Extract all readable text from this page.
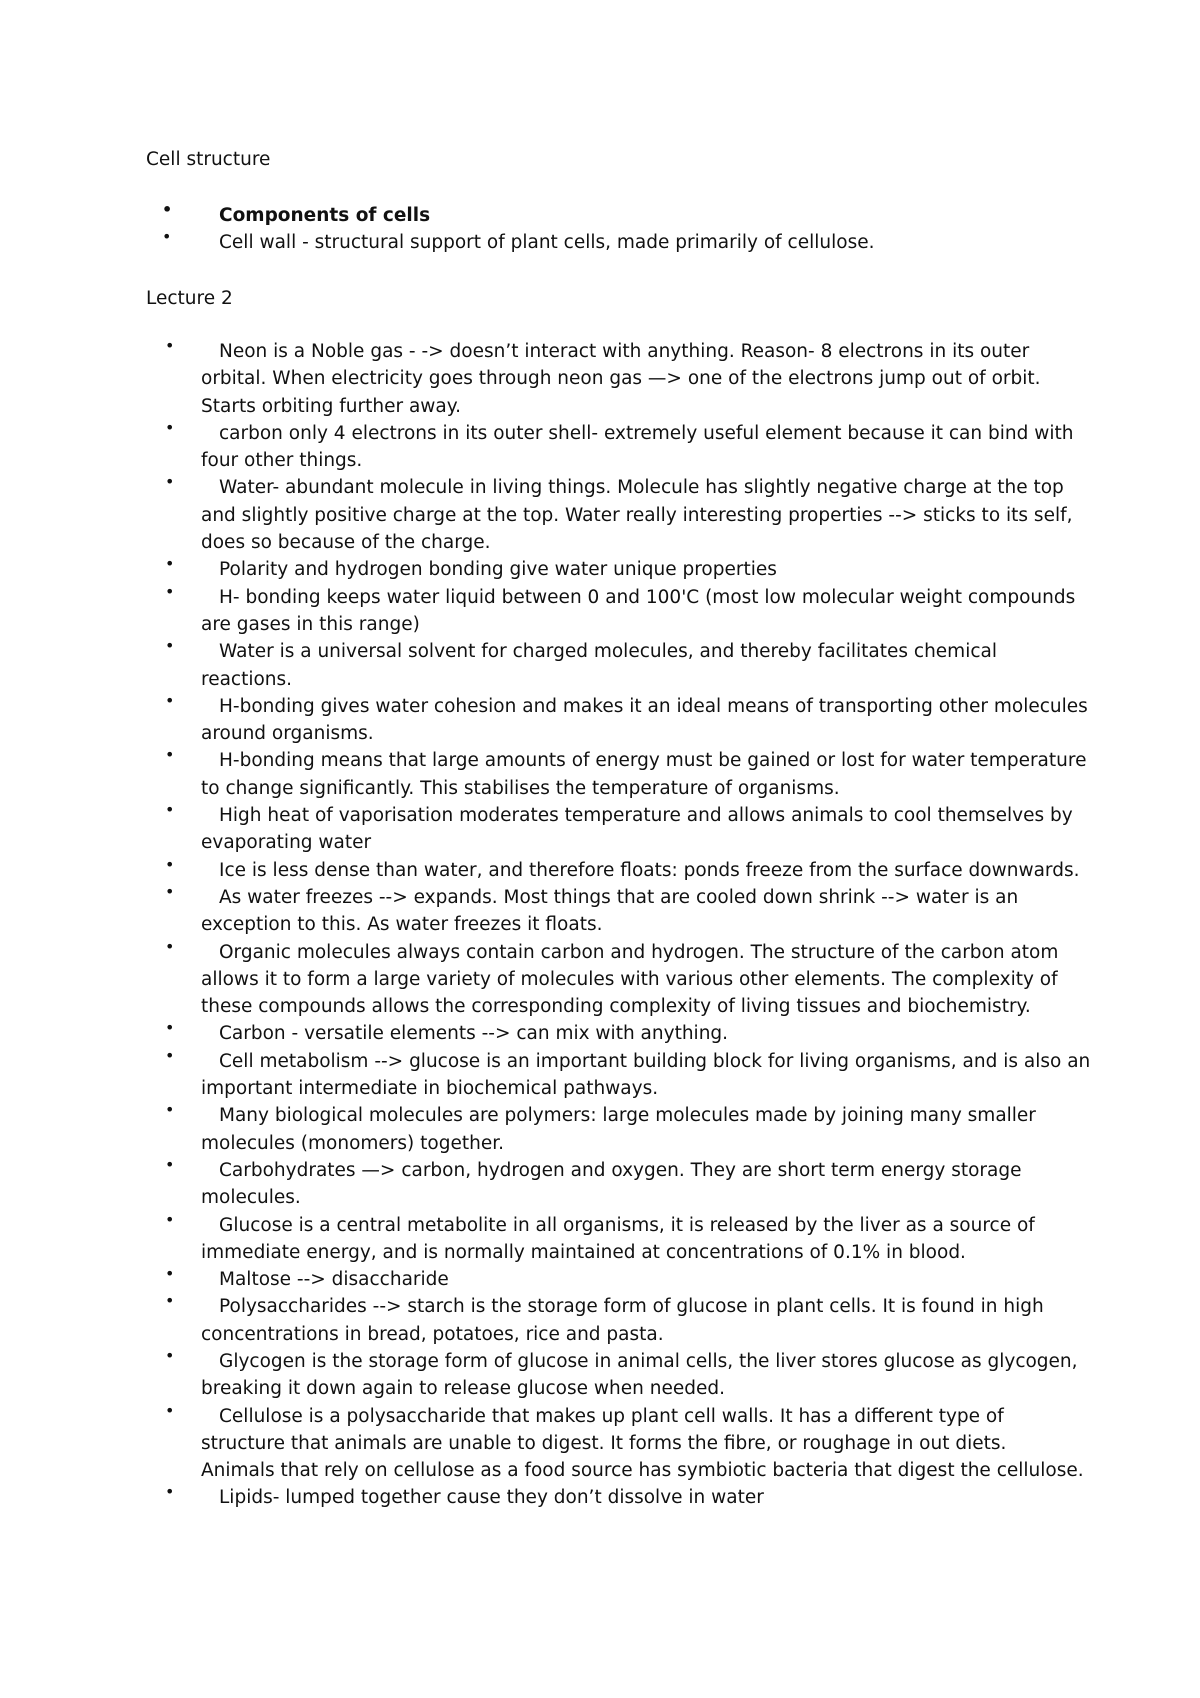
Cell structure
•	Components of cells
•	Cell wall - structural support of plant cells, made primarily of cellulose.
Lecture 2
•	Neon is a Noble gas - -> doesn’t interact with anything. Reason- 8 electrons in its outer
orbital. When electricity goes through neon gas —> one of the electrons jump out of orbit.
Starts orbiting further away.
•	carbon only 4 electrons in its outer shell- extremely useful element because it can bind with
four other things.
•	Water- abundant molecule in living things. Molecule has slightly negative charge at the top
and slightly positive charge at the top. Water really interesting properties --> sticks to its self,
does so because of the charge.
•	Polarity and hydrogen bonding give water unique properties
•	H- bonding keeps water liquid between 0 and 100'C (most low molecular weight compounds
are gases in this range)
•	Water is a universal solvent for charged molecules, and thereby facilitates chemical
reactions.
•	H-bonding gives water cohesion and makes it an ideal means of transporting other molecules
around organisms.
•	H-bonding means that large amounts of energy must be gained or lost for water temperature
to change significantly. This stabilises the temperature of organisms.
•	High heat of vaporisation moderates temperature and allows animals to cool themselves by
evaporating water
•	Ice is less dense than water, and therefore floats: ponds freeze from the surface downwards.
•	As water freezes --> expands. Most things that are cooled down shrink --> water is an
exception to this. As water freezes it floats.
•	Organic molecules always contain carbon and hydrogen. The structure of the carbon atom
allows it to form a large variety of molecules with various other elements. The complexity of
these compounds allows the corresponding complexity of living tissues and biochemistry.
•	Carbon - versatile elements --> can mix with anything.
•	Cell metabolism --> glucose is an important building block for living organisms, and is also an
important intermediate in biochemical pathways.
•	Many biological molecules are polymers: large molecules made by joining many smaller
molecules (monomers) together.
•	Carbohydrates —> carbon, hydrogen and oxygen. They are short term energy storage
molecules.
•	Glucose is a central metabolite in all organisms, it is released by the liver as a source of
immediate energy, and is normally maintained at concentrations of 0.1% in blood.
•	Maltose --> disaccharide
•	Polysaccharides --> starch is the storage form of glucose in plant cells. It is found in high
concentrations in bread, potatoes, rice and pasta.
•	Glycogen is the storage form of glucose in animal cells, the liver stores glucose as glycogen,
breaking it down again to release glucose when needed.
•	Cellulose is a polysaccharide that makes up plant cell walls. It has a different type of
structure that animals are unable to digest. It forms the fibre, or roughage in out diets.
Animals that rely on cellulose as a food source has symbiotic bacteria that digest the cellulose.
•	Lipids- lumped together cause they don’t dissolve in water
